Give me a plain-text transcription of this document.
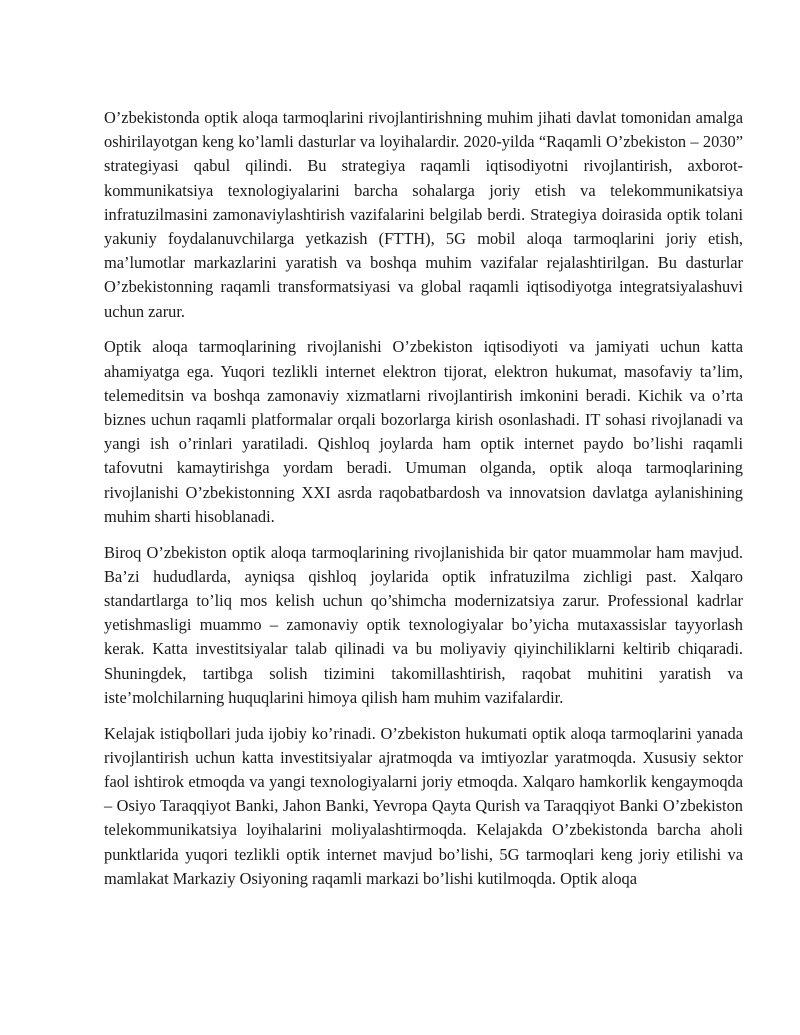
O’zbekistonda optik aloqa tarmoqlarini rivojlantirishning muhim jihati davlat tomonidan amalga oshirilayotgan keng ko’lamli dasturlar va loyihalardir. 2020-yilda “Raqamli O’zbekiston – 2030” strategiyasi qabul qilindi. Bu strategiya raqamli iqtisodiyotni rivojlantirish, axborot-kommunikatsiya texnologiyalarini barcha sohalarga joriy etish va telekommunikatsiya infratuzilmasini zamonaviylashtirish vazifalarini belgilab berdi. Strategiya doirasida optik tolani yakuniy foydalanuvchilarga yetkazish (FTTH), 5G mobil aloqa tarmoqlarini joriy etish, ma’lumotlar markazlarini yaratish va boshqa muhim vazifalar rejalashtirilgan. Bu dasturlar O’zbekistonning raqamli transformatsiyasi va global raqamli iqtisodiyotga integratsiyalashuvi uchun zarur.

Optik aloqa tarmoqlarining rivojlanishi O’zbekiston iqtisodiyoti va jamiyati uchun katta ahamiyatga ega. Yuqori tezlikli internet elektron tijorat, elektron hukumat, masofaviy ta’lim, telemeditsin va boshqa zamonaviy xizmatlarni rivojlantirish imkonini beradi. Kichik va o’rta biznes uchun raqamli platformalar orqali bozorlarga kirish osonlashadi. IT sohasi rivojlanadi va yangi ish o’rinlari yaratiladi. Qishloq joylarda ham optik internet paydo bo’lishi raqamli tafovutni kamaytirishga yordam beradi. Umuman olganda, optik aloqa tarmoqlarining rivojlanishi O’zbekistonning XXI asrda raqobatbardosh va innovatsion davlatga aylanishining muhim sharti hisoblanadi.

Biroq O’zbekiston optik aloqa tarmoqlarining rivojlanishida bir qator muammolar ham mavjud. Ba’zi hududlarda, ayniqsa qishloq joylarida optik infratuzilma zichligi past. Xalqaro standartlarga to’liq mos kelish uchun qo’shimcha modernizatsiya zarur. Professional kadrlar yetishmasligi muammo – zamonaviy optik texnologiyalar bo’yicha mutaxassislar tayyorlash kerak. Katta investitsiyalar talab qilinadi va bu moliyaviy qiyinchiliklarni keltirib chiqaradi. Shuningdek, tartibga solish tizimini takomillashtirish, raqobat muhitini yaratish va iste’molchilarning huquqlarini himoya qilish ham muhim vazifalardir.

Kelajak istiqbollari juda ijobiy ko’rinadi. O’zbekiston hukumati optik aloqa tarmoqlarini yanada rivojlantirish uchun katta investitsiyalar ajratmoqda va imtiyozlar yaratmoqda. Xususiy sektor faol ishtirok etmoqda va yangi texnologiyalarni joriy etmoqda. Xalqaro hamkorlik kengaymoqda – Osiyo Taraqqiyot Banki, Jahon Banki, Yevropa Qayta Qurish va Taraqqiyot Banki O’zbekiston telekommunikatsiya loyihalarini moliyalashtirmoqda. Kelajakda O’zbekistonda barcha aholi punktlarida yuqori tezlikli optik internet mavjud bo’lishi, 5G tarmoqlari keng joriy etilishi va mamlakat Markaziy Osiyoning raqamli markazi bo’lishi kutilmoqda. Optik aloqa
